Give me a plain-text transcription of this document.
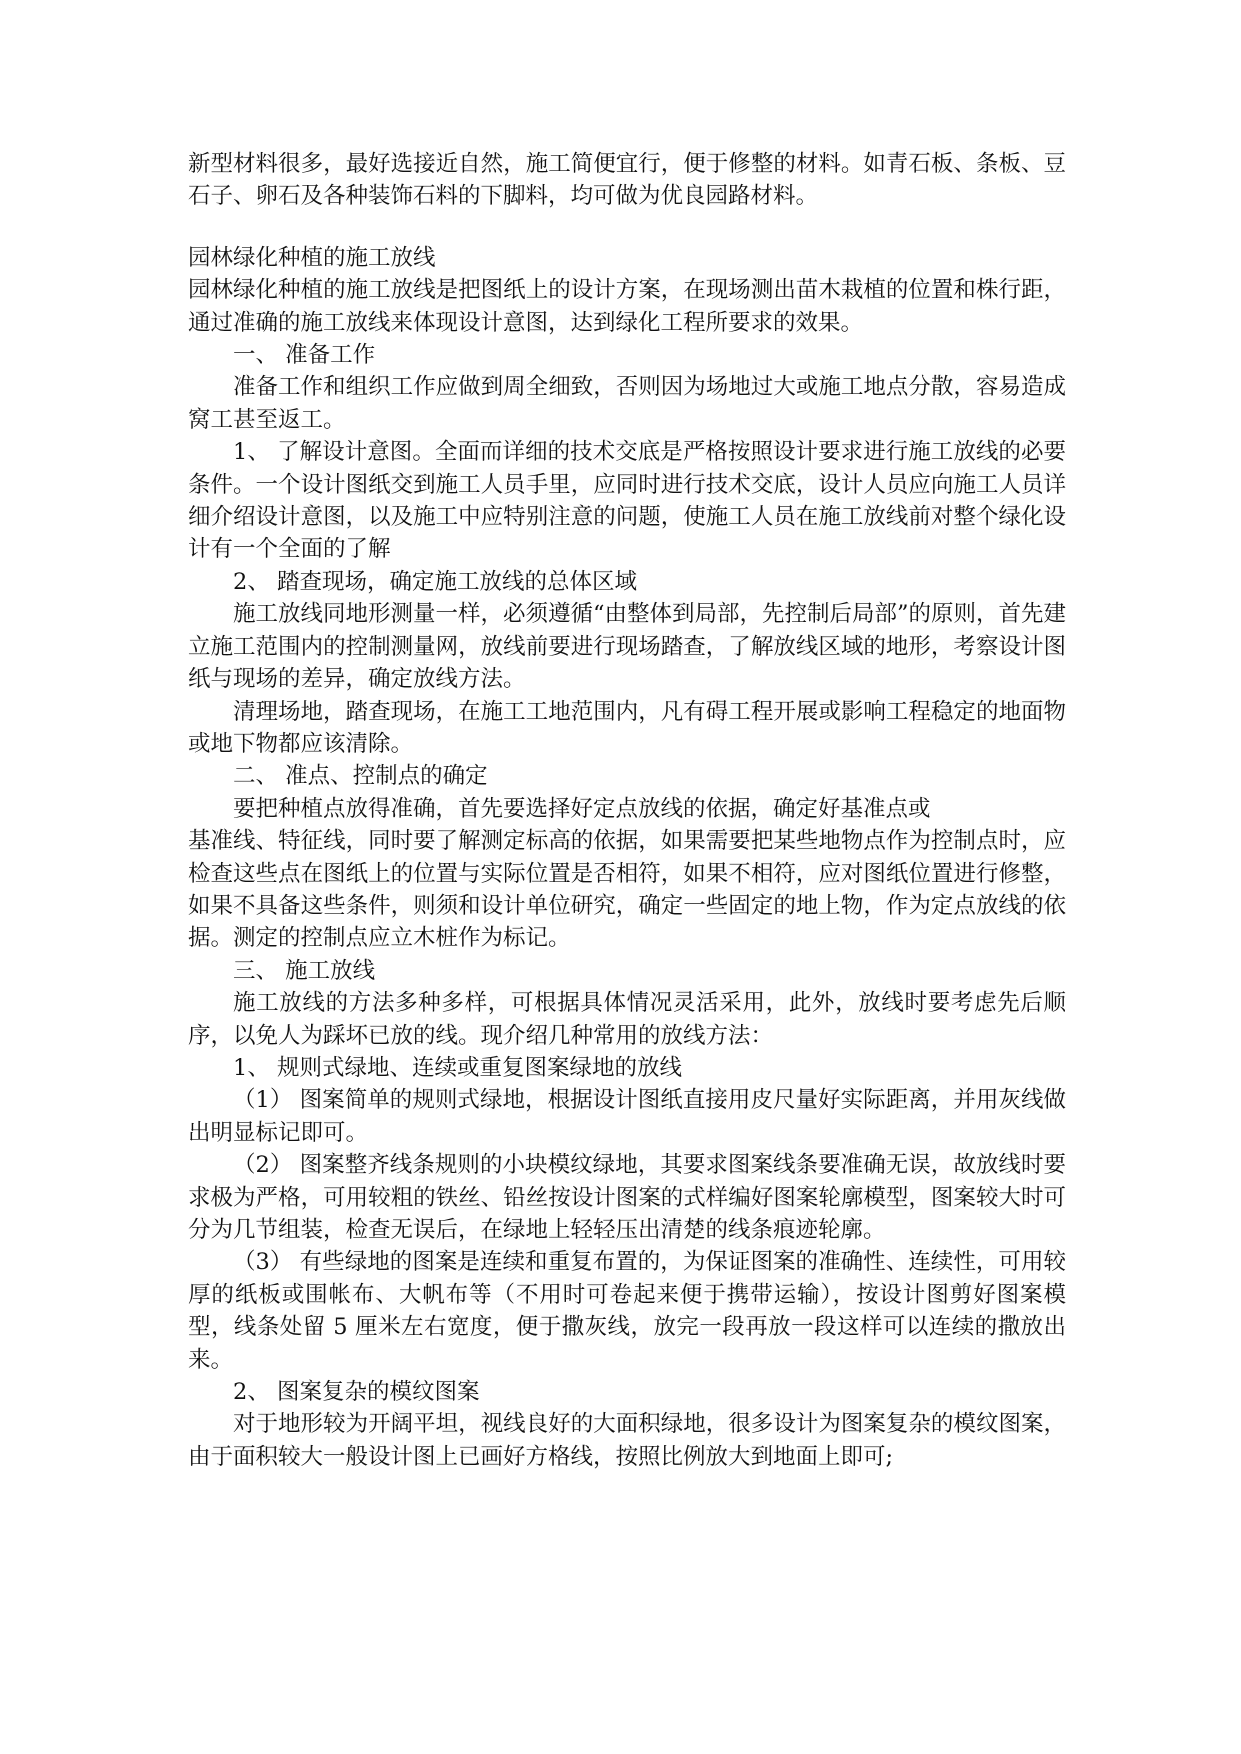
新型材料很多，最好选接近自然，施工简便宜行，便于修整的材料。如青石板、条板、豆石子、卵石及各种装饰石料的下脚料，均可做为优良园路材料。

园林绿化种植的施工放线

园林绿化种植的施工放线是把图纸上的设计方案，在现场测出苗木栽植的位置和株行距，通过准确的施工放线来体现设计意图，达到绿化工程所要求的效果。

一、 准备工作

准备工作和组织工作应做到周全细致，否则因为场地过大或施工地点分散，容易造成窝工甚至返工。

1、 了解设计意图。全面而详细的技术交底是严格按照设计要求进行施工放线的必要条件。一个设计图纸交到施工人员手里，应同时进行技术交底，设计人员应向施工人员详细介绍设计意图，以及施工中应特别注意的问题，使施工人员在施工放线前对整个绿化设计有一个全面的了解

2、 踏查现场，确定施工放线的总体区域

施工放线同地形测量一样，必须遵循“由整体到局部，先控制后局部”的原则，首先建立施工范围内的控制测量网，放线前要进行现场踏查，了解放线区域的地形，考察设计图纸与现场的差异，确定放线方法。

清理场地，踏查现场，在施工工地范围内，凡有碍工程开展或影响工程稳定的地面物或地下物都应该清除。

二、 准点、控制点的确定

要把种植点放得准确，首先要选择好定点放线的依据，确定好基准点或

基准线、特征线，同时要了解测定标高的依据，如果需要把某些地物点作为控制点时，应检查这些点在图纸上的位置与实际位置是否相符，如果不相符，应对图纸位置进行修整，如果不具备这些条件，则须和设计单位研究，确定一些固定的地上物，作为定点放线的依据。测定的控制点应立木桩作为标记。

三、 施工放线

施工放线的方法多种多样，可根据具体情况灵活采用，此外，放线时要考虑先后顺序，以免人为踩坏已放的线。现介绍几种常用的放线方法：

1、 规则式绿地、连续或重复图案绿地的放线

（1） 图案简单的规则式绿地，根据设计图纸直接用皮尺量好实际距离，并用灰线做出明显标记即可。

（2） 图案整齐线条规则的小块模纹绿地，其要求图案线条要准确无误，故放线时要求极为严格，可用较粗的铁丝、铅丝按设计图案的式样编好图案轮廓模型，图案较大时可分为几节组装，检查无误后，在绿地上轻轻压出清楚的线条痕迹轮廓。

（3） 有些绿地的图案是连续和重复布置的，为保证图案的准确性、连续性，可用较厚的纸板或围帐布、大帆布等（不用时可卷起来便于携带运输），按设计图剪好图案模型，线条处留 5 厘米左右宽度，便于撒灰线，放完一段再放一段这样可以连续的撒放出来。

2、 图案复杂的模纹图案

对于地形较为开阔平坦，视线良好的大面积绿地，很多设计为图案复杂的模纹图案，由于面积较大一般设计图上已画好方格线，按照比例放大到地面上即可;
